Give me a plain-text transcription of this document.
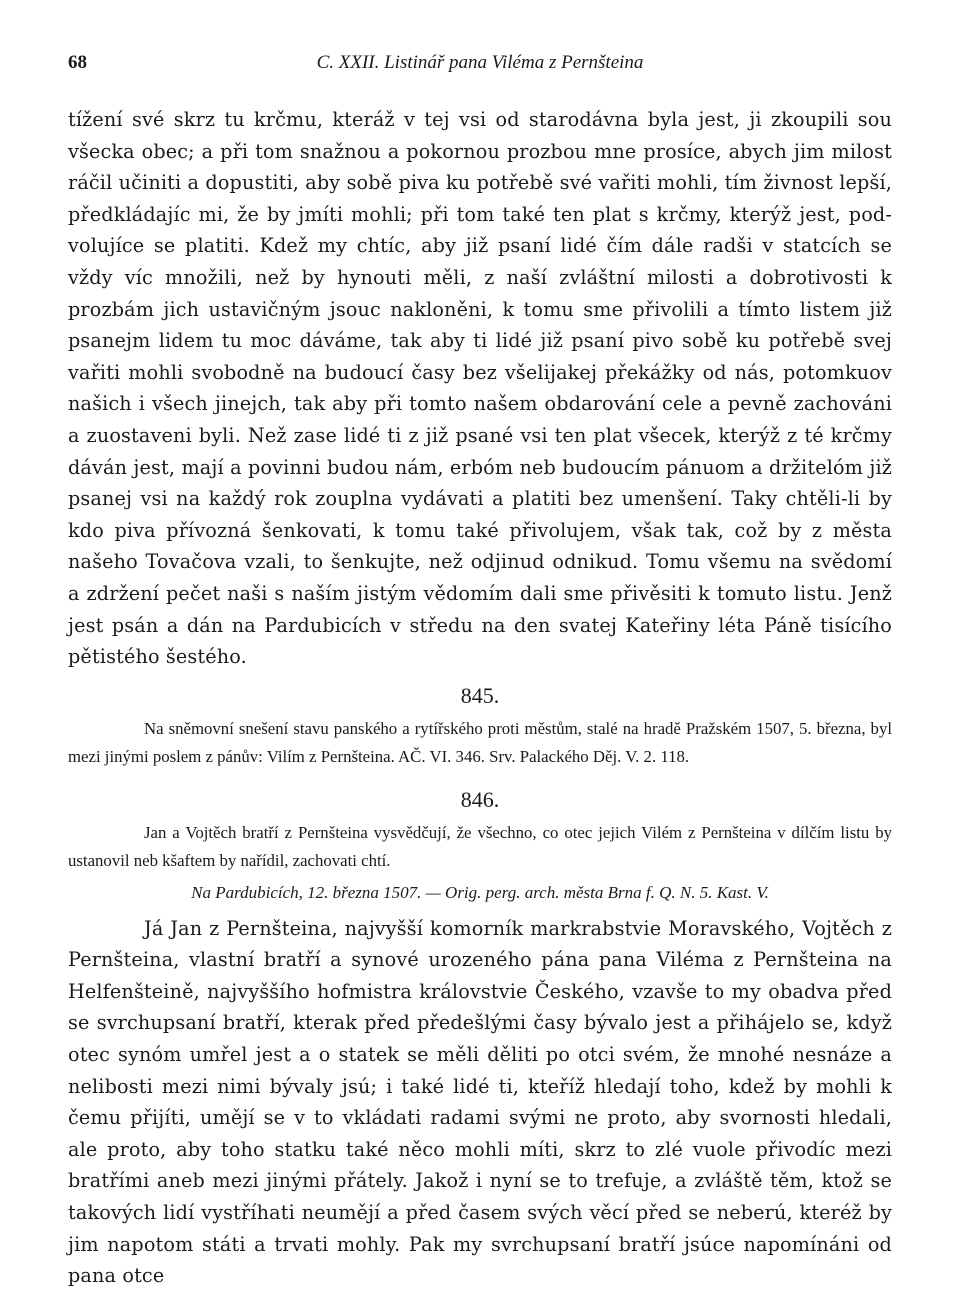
68	C. XXII. Listinář pana Viléma z Pernšteina

tížení své skrz tu krčmu, kteráž v tej vsi od starodávna byla jest, ji zkoupili sou všecka obec; a při tom snažnou a pokornou prozbou mne prosíce, abych jim milost ráčil učiniti a dopustiti, aby sobě piva ku potřebě své vařiti mohli, tím živnost lepší, předkládajíc mi, že by jmíti mohli; při tom také ten plat s krčmy, kterýž jest, pod-volujíce se platiti. Kdež my chtíc, aby již psaní lidé čím dále radši v statcích se vždy víc množili, než by hynouti měli, z naší zvláštní milosti a dobrotivosti k prozbám jich ustavičným jsouc nakloněni, k tomu sme přivolili a tímto listem již psanejm lidem tu moc dáváme, tak aby ti lidé již psaní pivo sobě ku potřebě svej vařiti mohli svobodně na budoucí časy bez všelijakej překážky od nás, potomkuov našich i všech jinejch, tak aby při tomto našem obdarování cele a pevně zachováni a zuostaveni byli. Než zase lidé ti z již psané vsi ten plat všecek, kterýž z té krčmy dáván jest, mají a povinni budou nám, erbóm neb budoucím pánuom a držitelóm již psanej vsi na každý rok zouplna vydávati a platiti bez umenšení. Taky chtěli-li by kdo piva přívozná šenkovati, k tomu také přivolujem, však tak, což by z města našeho Tovačova vzali, to šenkujte, než odjinud odnikud. Tomu všemu na svědomí a zdržení pečet naši s naším jistým vědomím dali sme přivěsiti k tomuto listu. Jenž jest psán a dán na Pardubicích v středu na den svatej Kateřiny léta Páně tisícího pětistého šestého.

845.

Na sněmovní snešení stavu panského a rytířského proti městům, stalé na hradě Pražském 1507, 5. března, byl mezi jinými poslem z pánův: Vilím z Pernšteina. AČ. VI. 346. Srv. Palackého Děj. V. 2. 118.

846.

Jan a Vojtěch bratří z Pernšteina vysvědčují, že všechno, co otec jejich Vilém z Pernšteina v dílčím listu by ustanovil neb kšaftem by nařídil, zachovati chtí.

Na Pardubicích, 12. března 1507. — Orig. perg. arch. města Brna f. Q. N. 5. Kast. V.

Já Jan z Pernšteina, najvyšší komorník markrabstvie Moravského, Vojtěch z Pernšteina, vlastní bratří a synové urozeného pána pana Viléma z Pernšteina na Helfenšteině, najvyššího hofmistra královstvie Českého, vzavše to my obadva před se svrchupsaní bratří, kterak před předešlými časy bývalo jest a přihájelo se, když otec synóm umřel jest a o statek se měli děliti po otci svém, že mnohé nesnáze a nelibosti mezi nimi bývaly jsú; i také lidé ti, kteříž hledají toho, kdež by mohli k čemu přijíti, umějí se v to vkládati radami svými ne proto, aby svornosti hledali, ale proto, aby toho statku také něco mohli míti, skrz to zlé vuole přivodíc mezi bratřími aneb mezi jinými přátely. Jakož i nyní se to trefuje, a zvláště těm, ktož se takových lidí vystříhati neumějí a před časem svých věcí před se neberú, kteréž by jim napotom státi a trvati mohly. Pak my svrchupsaní bratří jsúce napomínáni od pana otce
